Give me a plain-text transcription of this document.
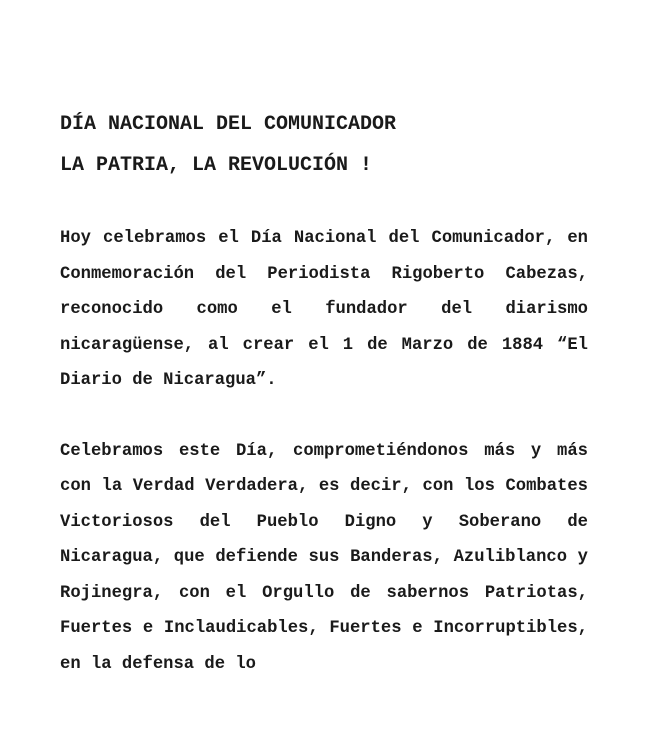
DÍA NACIONAL DEL COMUNICADOR

LA PATRIA, LA REVOLUCIÓN !

Hoy celebramos el Día Nacional del Comunicador, en Conmemoración del Periodista Rigoberto Cabezas, reconocido como el fundador del diarismo nicaragüense, al crear el 1 de Marzo de 1884 “El Diario de Nicaragua”.

Celebramos este Día, comprometiéndonos más y más con la Verdad Verdadera, es decir, con los Combates Victoriosos del Pueblo Digno y Soberano de Nicaragua, que defiende sus Banderas, Azuliblanco y Rojinegra, con el Orgullo de sabernos Patriotas, Fuertes e Inclaudicables, Fuertes e Incorruptibles, en la defensa de lo
